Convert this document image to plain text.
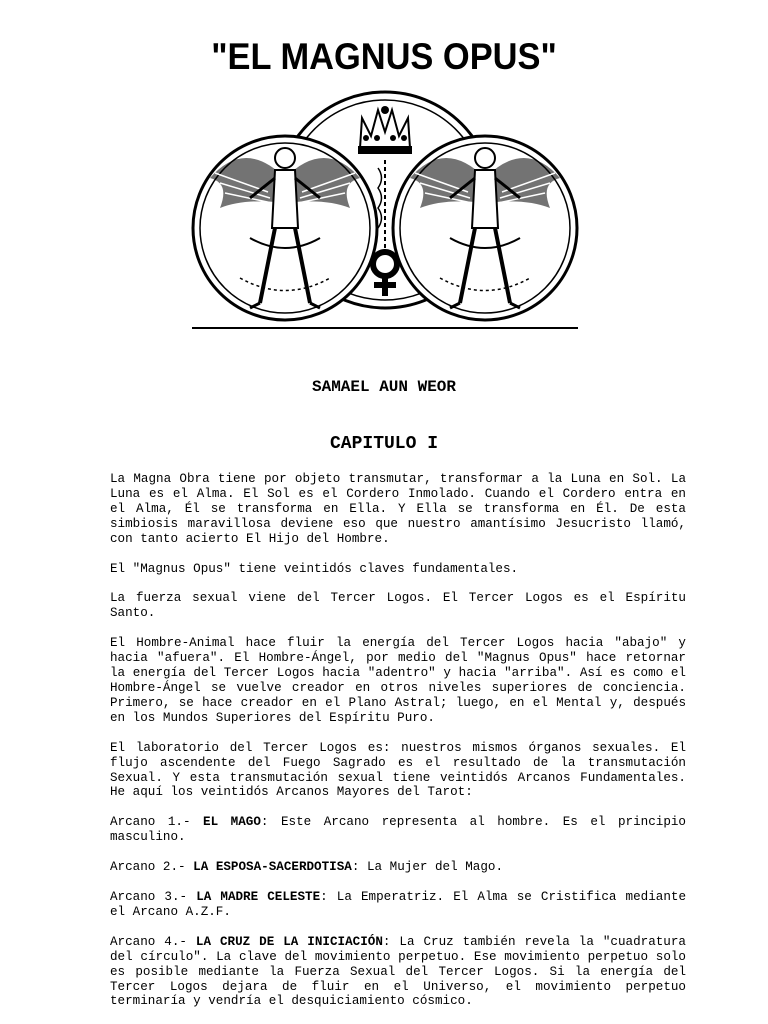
"EL MAGNUS OPUS"
SAMAEL AUN WEOR
CAPITULO I

La Magna Obra tiene por objeto transmutar, transformar a la Luna en Sol. La Luna es el Alma. El Sol es el Cordero Inmolado. Cuando el Cordero entra en el Alma, Él se transforma en Ella. Y Ella se transforma en Él. De esta simbiosis maravillosa deviene eso que nuestro amantísimo Jesucristo llamó, con tanto acierto El Hijo del Hombre.

El "Magnus Opus" tiene veintidós claves fundamentales.

La fuerza sexual viene del Tercer Logos. El Tercer Logos es el Espíritu Santo.

El Hombre-Animal hace fluir la energía del Tercer Logos hacia "abajo" y hacia "afuera". El Hombre-Ángel, por medio del "Magnus Opus" hace retornar la energía del Tercer Logos hacia "adentro" y hacia "arriba". Así es como el Hombre-Ángel se vuelve creador en otros niveles superiores de conciencia. Primero, se hace creador en el Plano Astral; luego, en el Mental y, después en los Mundos Superiores del Espíritu Puro.

El laboratorio del Tercer Logos es: nuestros mismos órganos sexuales. El flujo ascendente del Fuego Sagrado es el resultado de la transmutación Sexual. Y esta transmutación sexual tiene veintidós Arcanos Fundamentales. He aquí los veintidós Arcanos Mayores del Tarot:

Arcano 1.- EL MAGO: Este Arcano representa al hombre. Es el principio masculino.

Arcano 2.- LA ESPOSA-SACERDOTISA: La Mujer del Mago.

Arcano 3.- LA MADRE CELESTE: La Emperatriz. El Alma se Cristifica mediante el Arcano A.Z.F.

Arcano 4.- LA CRUZ DE LA INICIACIÓN: La Cruz también revela la "cuadratura del círculo". La clave del movimiento perpetuo. Ese movimiento perpetuo solo es posible mediante la Fuerza Sexual del Tercer Logos. Si la energía del Tercer Logos dejara de fluir en el Universo, el movimiento perpetuo terminaría y vendría el desquiciamiento cósmico.
